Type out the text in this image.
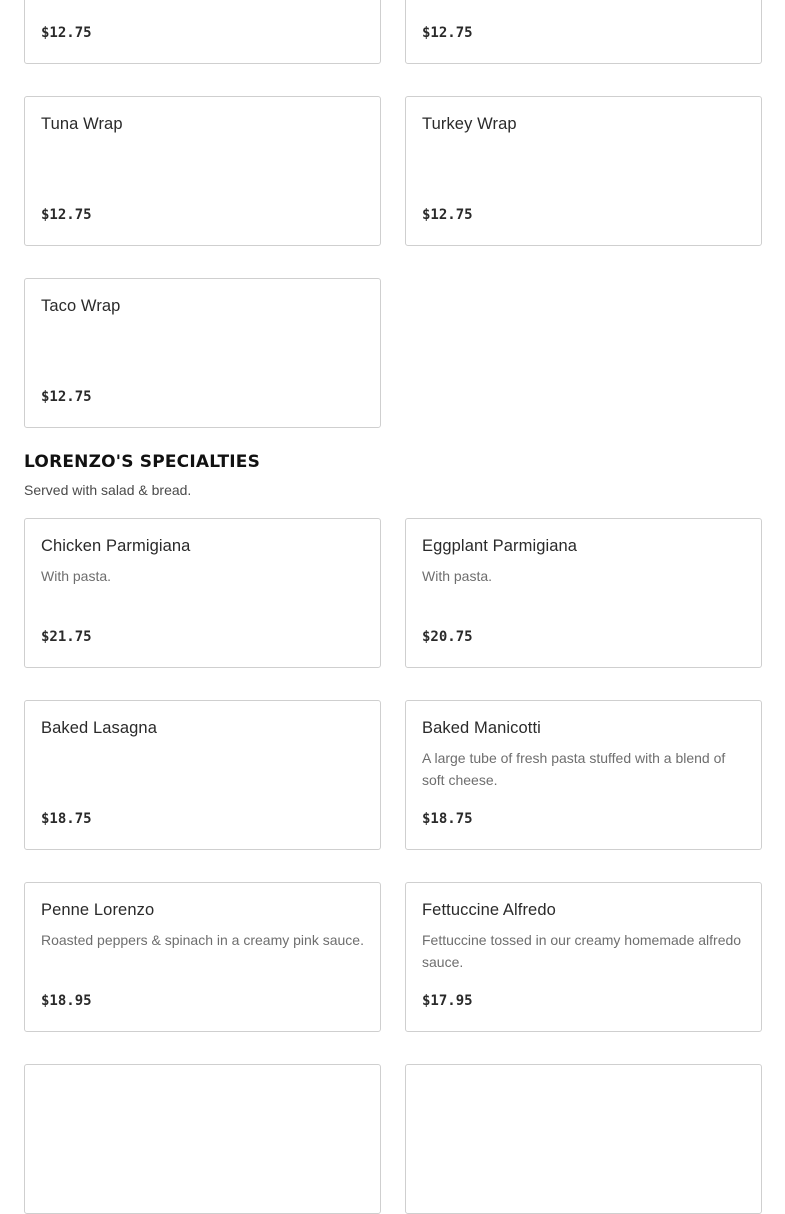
$12.75	$12.75
Tuna Wrap
$12.75
Turkey Wrap
$12.75
Taco Wrap
$12.75
LORENZO'S SPECIALTIES
Served with salad & bread.
Chicken Parmigiana
With pasta.
$21.75
Eggplant Parmigiana
With pasta.
$20.75
Baked Lasagna
$18.75
Baked Manicotti
A large tube of fresh pasta stuffed with a blend of soft cheese.
$18.75
Penne Lorenzo
Roasted peppers & spinach in a creamy pink sauce.
$18.95
Fettuccine Alfredo
Fettuccine tossed in our creamy homemade alfredo sauce.
$17.95
